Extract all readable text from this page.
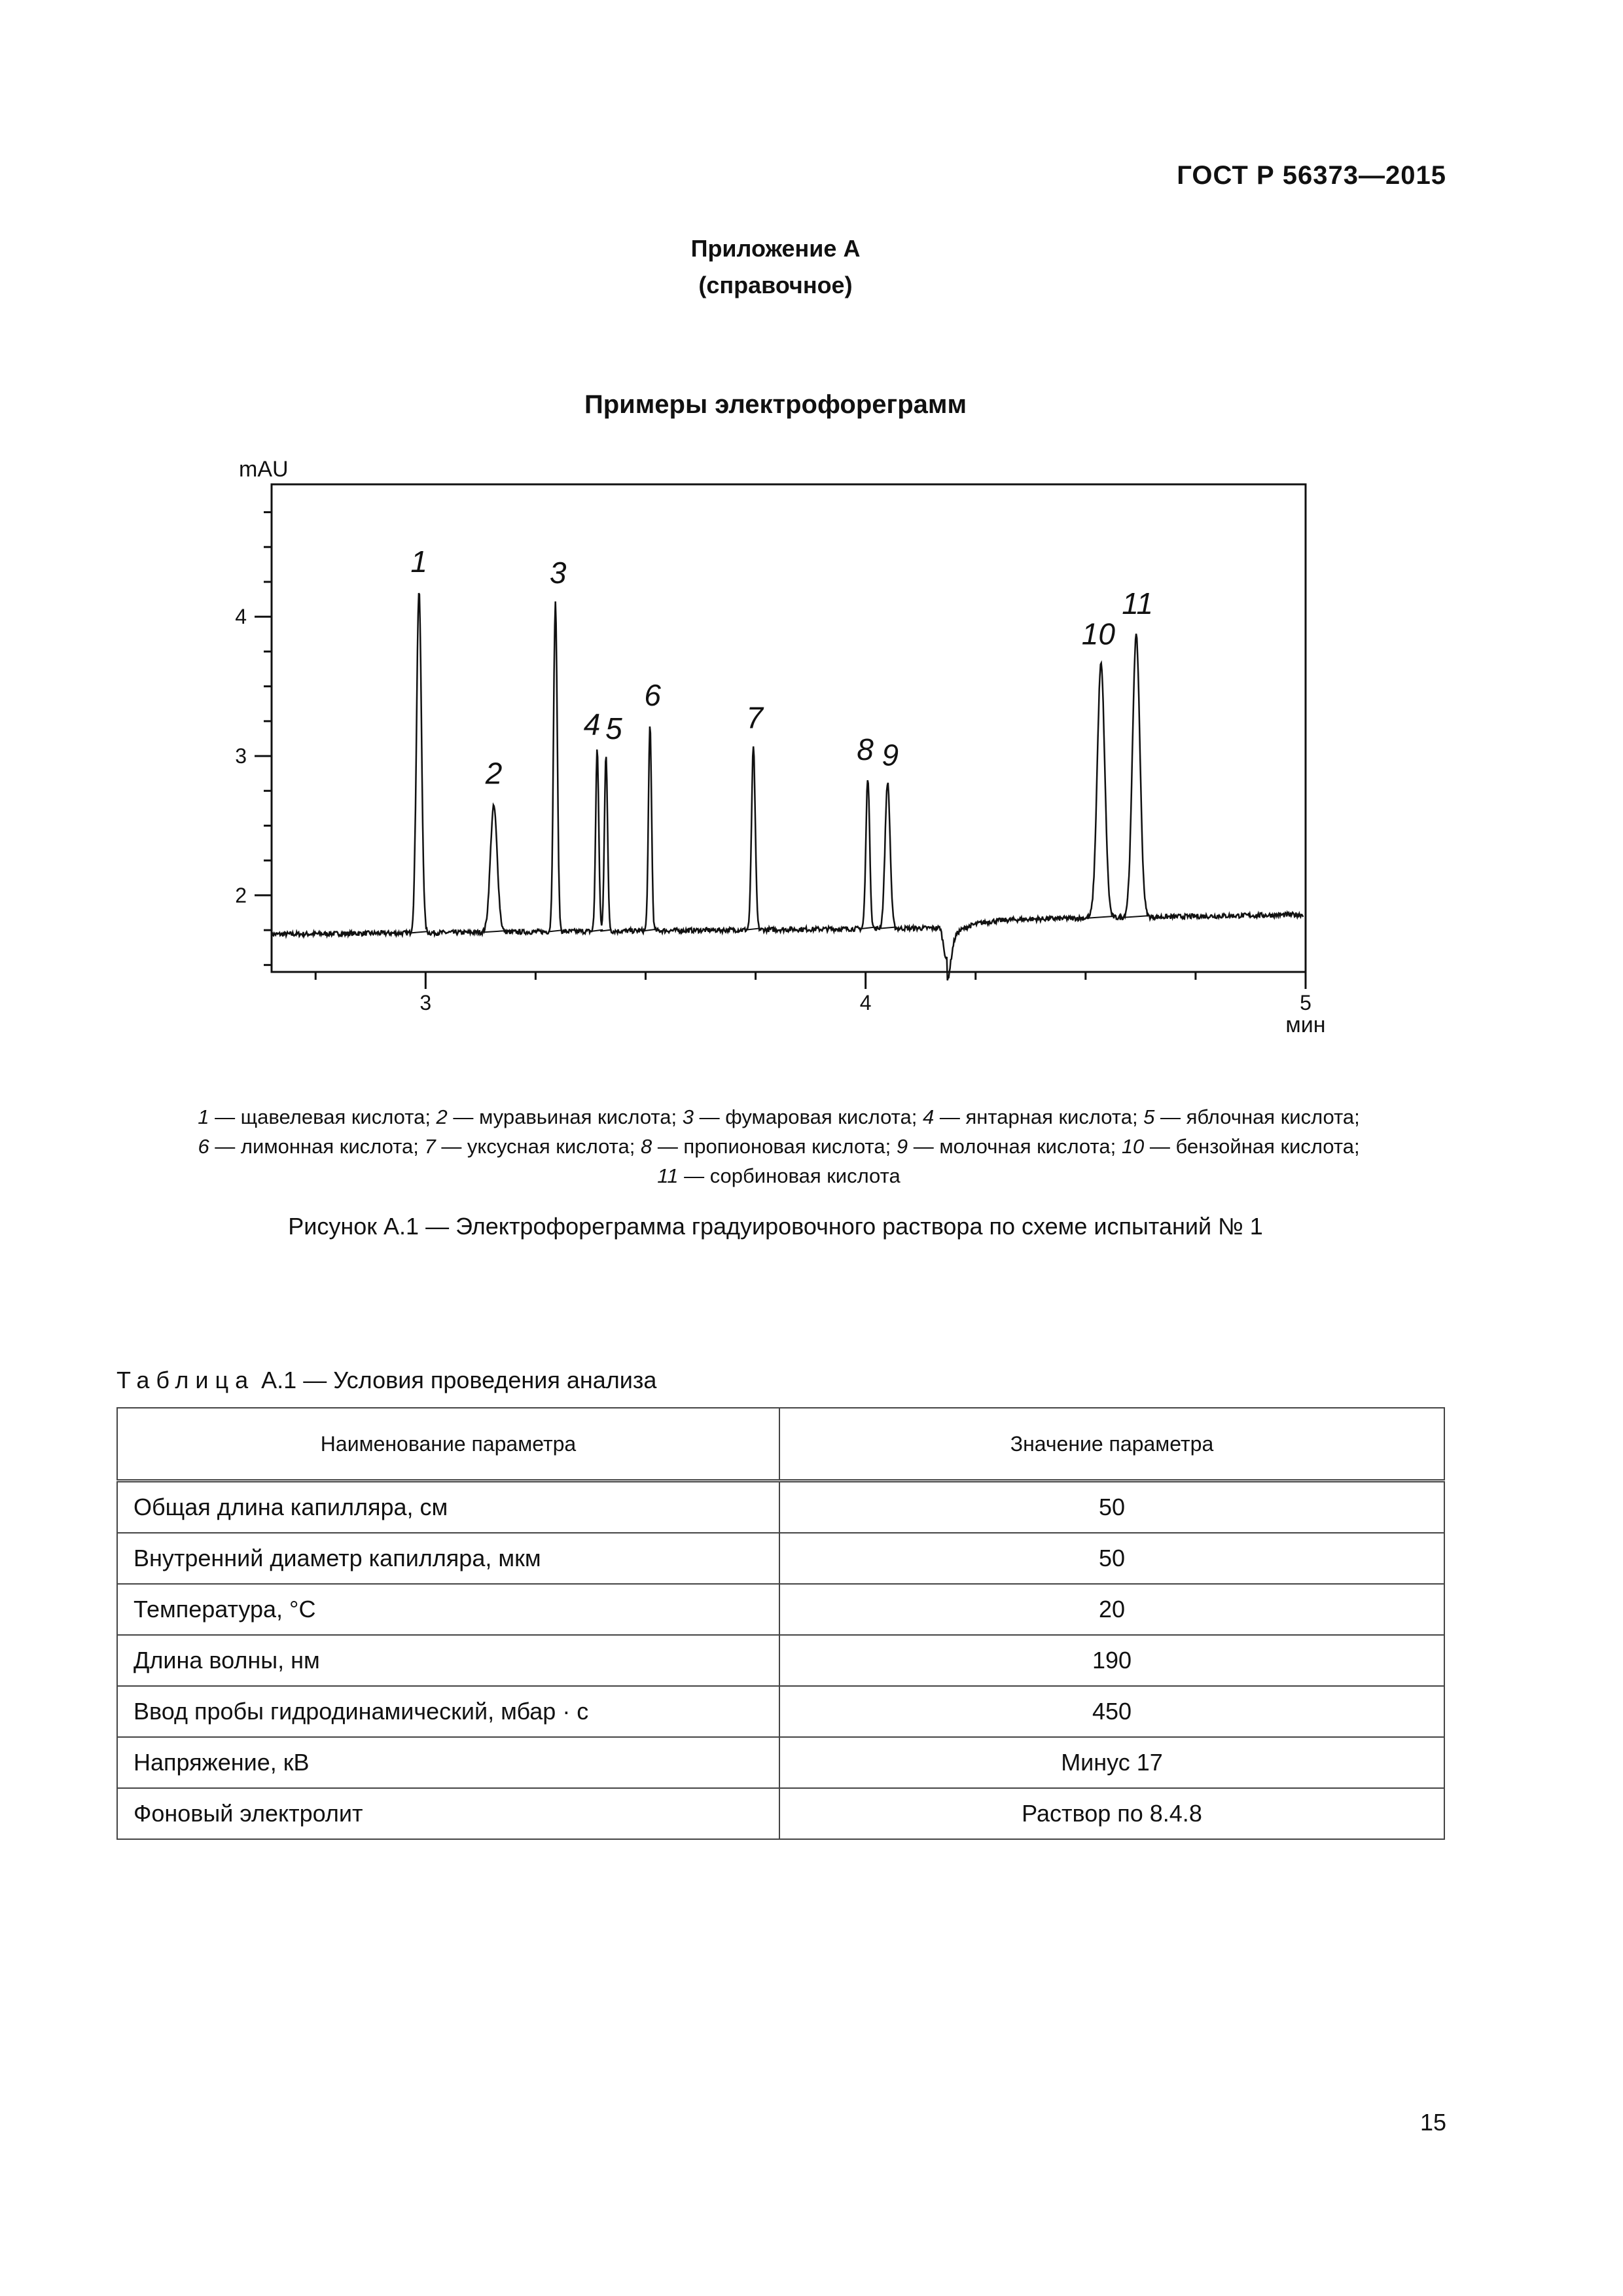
ГОСТ Р 56373—2015
Приложение А
(справочное)
Примеры электрофореграмм
2
3
4
3	4	5
mAU
мин
1
2
3
4 5
6
7
8 9
10
11
1 — щавелевая кислота; 2 — муравьиная кислота; 3 — фумаровая кислота; 4 — янтарная кислота; 5 — яблочная кислота;
6 — лимонная кислота; 7 — уксусная кислота; 8 — пропионовая кислота; 9 — молочная кислота; 10 — бензойная кислота;
11 — сорбиновая кислота
Рисунок А.1 — Электрофореграмма градуировочного раствора по схеме испытаний № 1
Таблица А.1 — Условия проведения анализа
Наименование параметра	Значение параметра
Общая длина капилляра, см	50
Внутренний диаметр капилляра, мкм	50
Температура, °С	20
Длина волны, нм	190
Ввод пробы гидродинамический, мбар · с	450
Напряжение, кВ	Минус 17
Фоновый электролит	Раствор по 8.4.8
15
